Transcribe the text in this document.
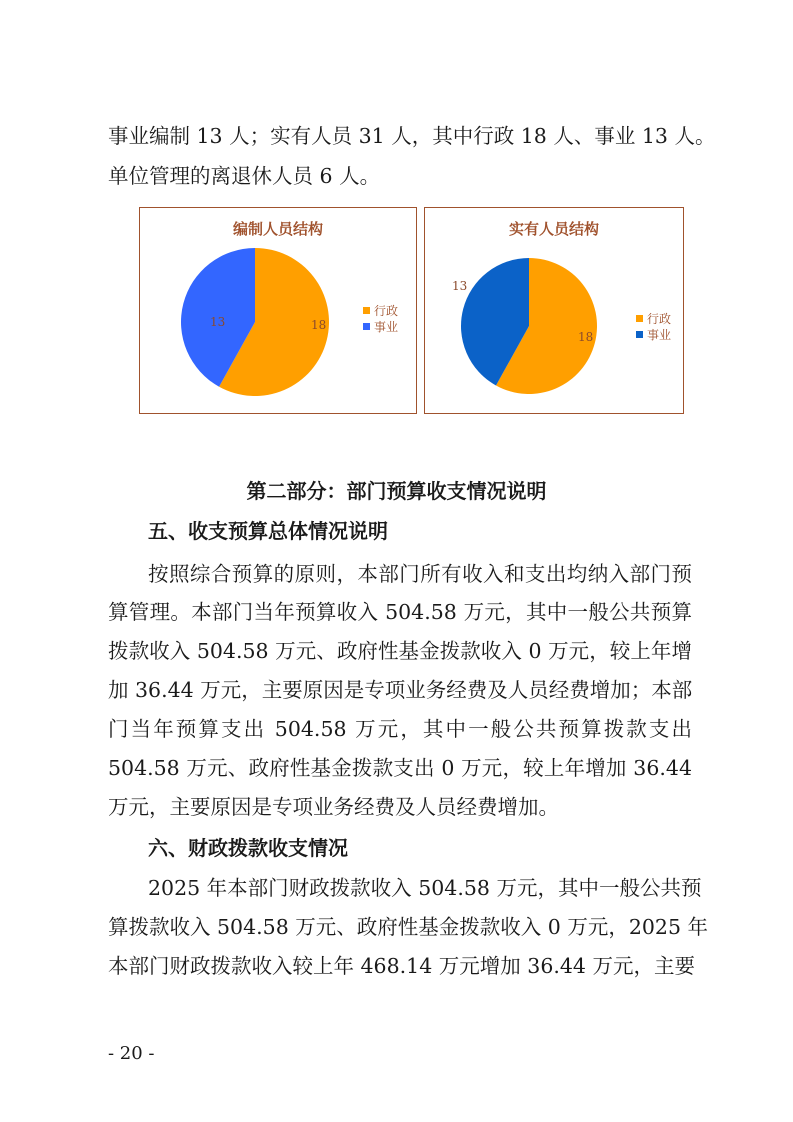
事业编制 13 人；实有人员 31 人，其中行政 18 人、事业 13 人。
单位管理的离退休人员 6 人。
编制人员结构
18
13
行政
事业
实有人员结构
18
13
行政
事业
第二部分：部门预算收支情况说明
五、收支预算总体情况说明
按照综合预算的原则，本部门所有收入和支出均纳入部门预
算管理。本部门当年预算收入 504.58 万元，其中一般公共预算
拨款收入 504.58 万元、政府性基金拨款收入 0 万元，较上年增
加 36.44 万元，主要原因是专项业务经费及人员经费增加；本部
门当年预算支出 504.58 万元，其中一般公共预算拨款支出
504.58 万元、政府性基金拨款支出 0 万元，较上年增加 36.44
万元，主要原因是专项业务经费及人员经费增加。
六、财政拨款收支情况
2025 年本部门财政拨款收入 504.58 万元，其中一般公共预
算拨款收入 504.58 万元、政府性基金拨款收入 0 万元，2025 年
本部门财政拨款收入较上年 468.14 万元增加 36.44 万元，主要
- 20 -
